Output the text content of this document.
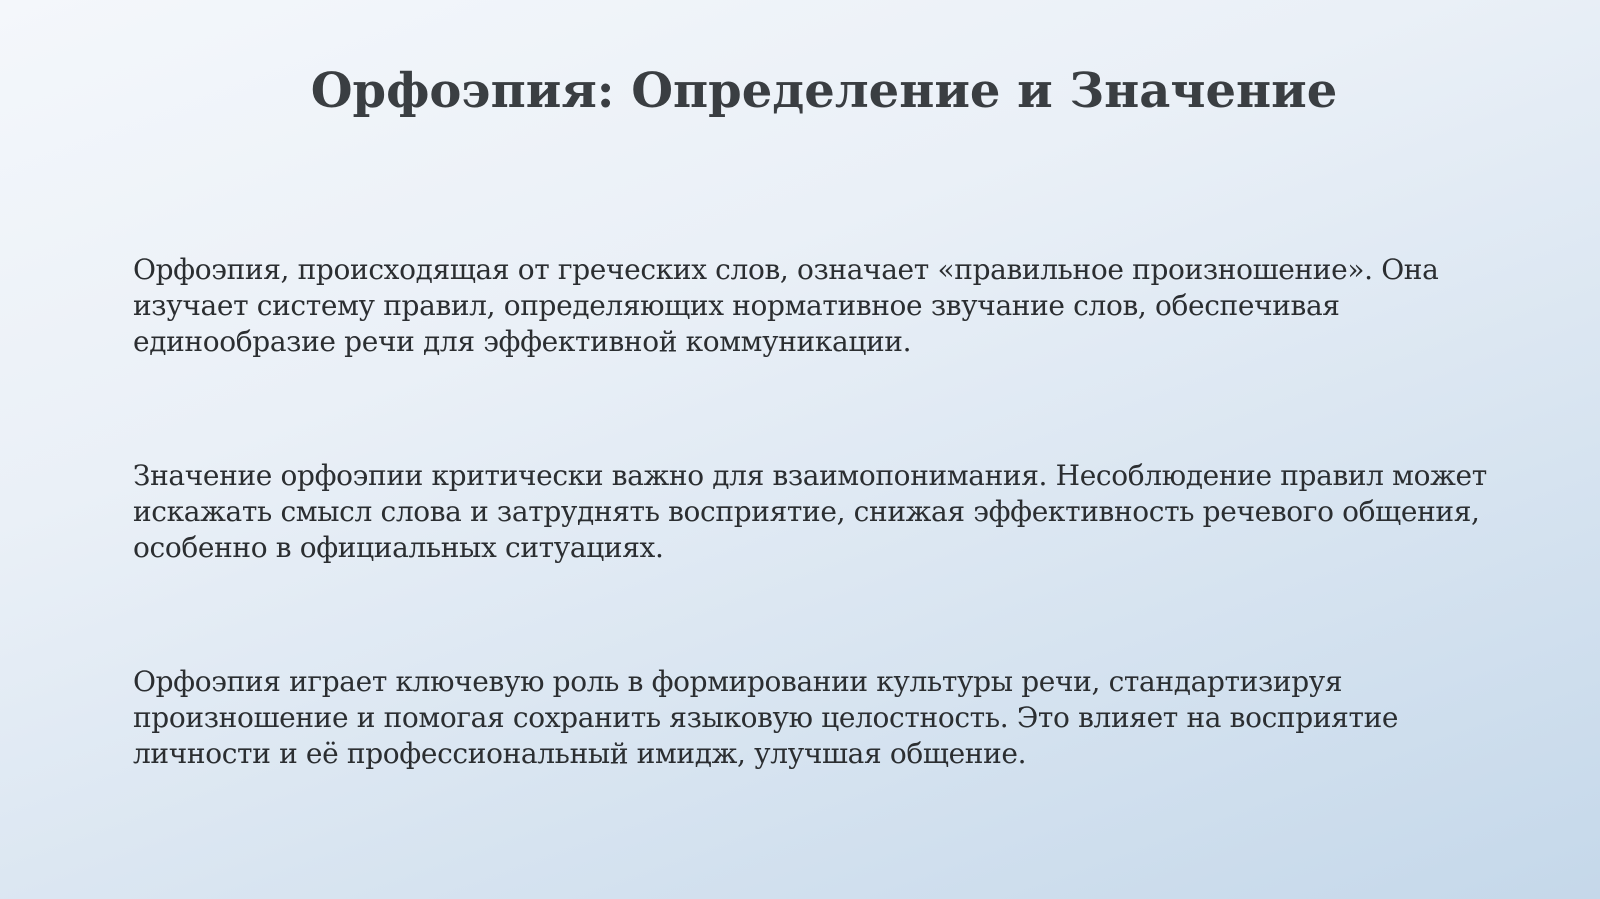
Орфоэпия: Определение и Значение

Орфоэпия, происходящая от греческих слов, означает «правильное произношение». Она изучает систему правил, определяющих нормативное звучание слов, обеспечивая единообразие речи для эффективной коммуникации.

Значение орфоэпии критически важно для взаимопонимания. Несоблюдение правил может искажать смысл слова и затруднять восприятие, снижая эффективность речевого общения, особенно в официальных ситуациях.

Орфоэпия играет ключевую роль в формировании культуры речи, стандартизируя произношение и помогая сохранить языковую целостность. Это влияет на восприятие личности и её профессиональный имидж, улучшая общение.
